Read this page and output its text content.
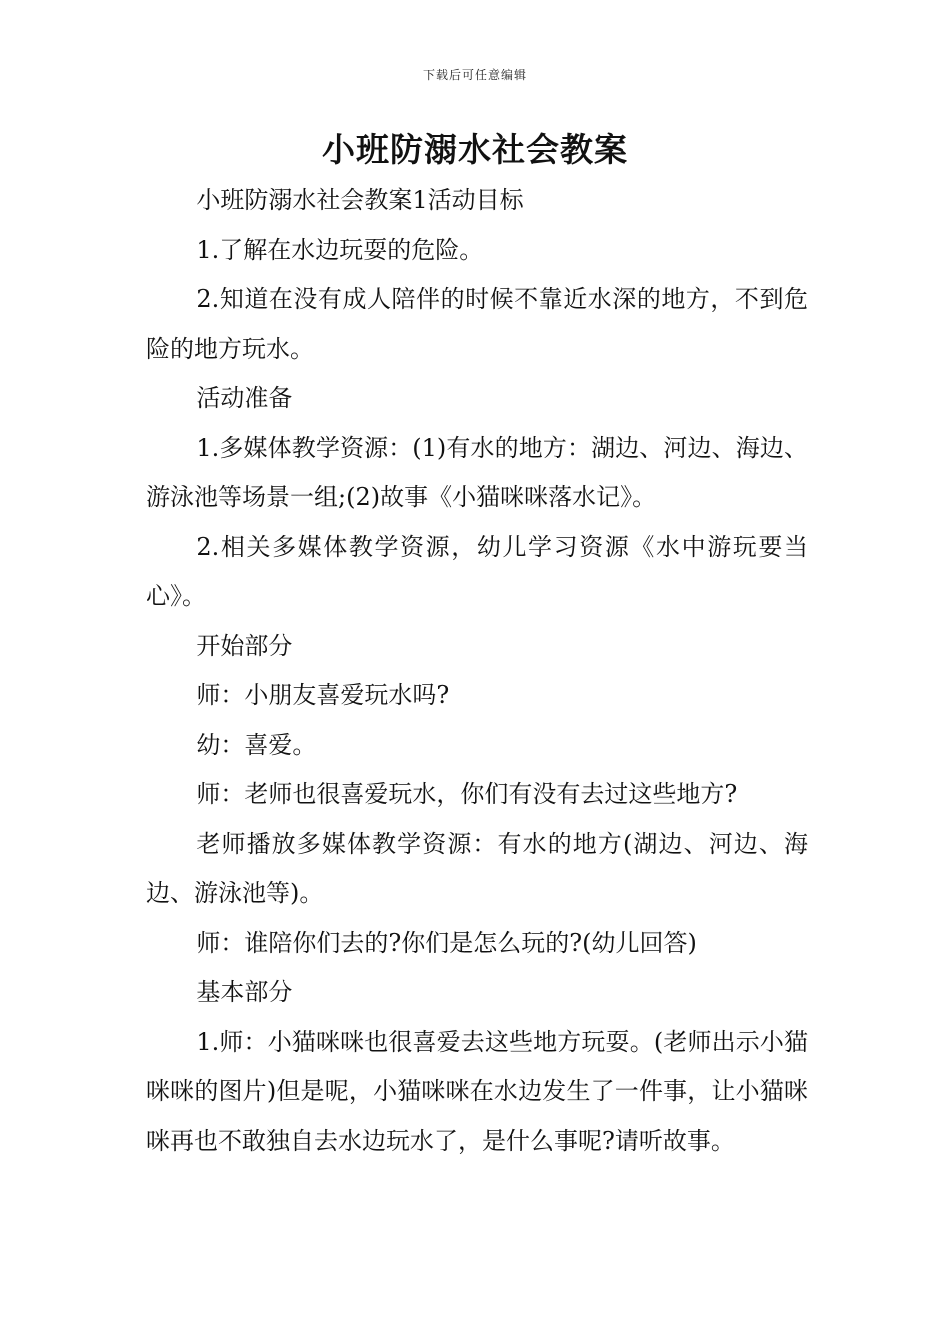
下载后可任意编辑
小班防溺水社会教案

小班防溺水社会教案1活动目标

1.了解在水边玩耍的危险。

2.知道在没有成人陪伴的时候不靠近水深的地方，不到危险的地方玩水。

活动准备

1.多媒体教学资源：(1)有水的地方：湖边、河边、海边、游泳池等场景一组;(2)故事《小猫咪咪落水记》。

2.相关多媒体教学资源，幼儿学习资源《水中游玩要当心》。

开始部分

师：小朋友喜爱玩水吗?

幼：喜爱。

师：老师也很喜爱玩水，你们有没有去过这些地方?

老师播放多媒体教学资源：有水的地方(湖边、河边、海边、游泳池等)。

师：谁陪你们去的?你们是怎么玩的?(幼儿回答)

基本部分

1.师：小猫咪咪也很喜爱去这些地方玩耍。(老师出示小猫咪咪的图片)但是呢，小猫咪咪在水边发生了一件事，让小猫咪咪再也不敢独自去水边玩水了，是什么事呢?请听故事。
